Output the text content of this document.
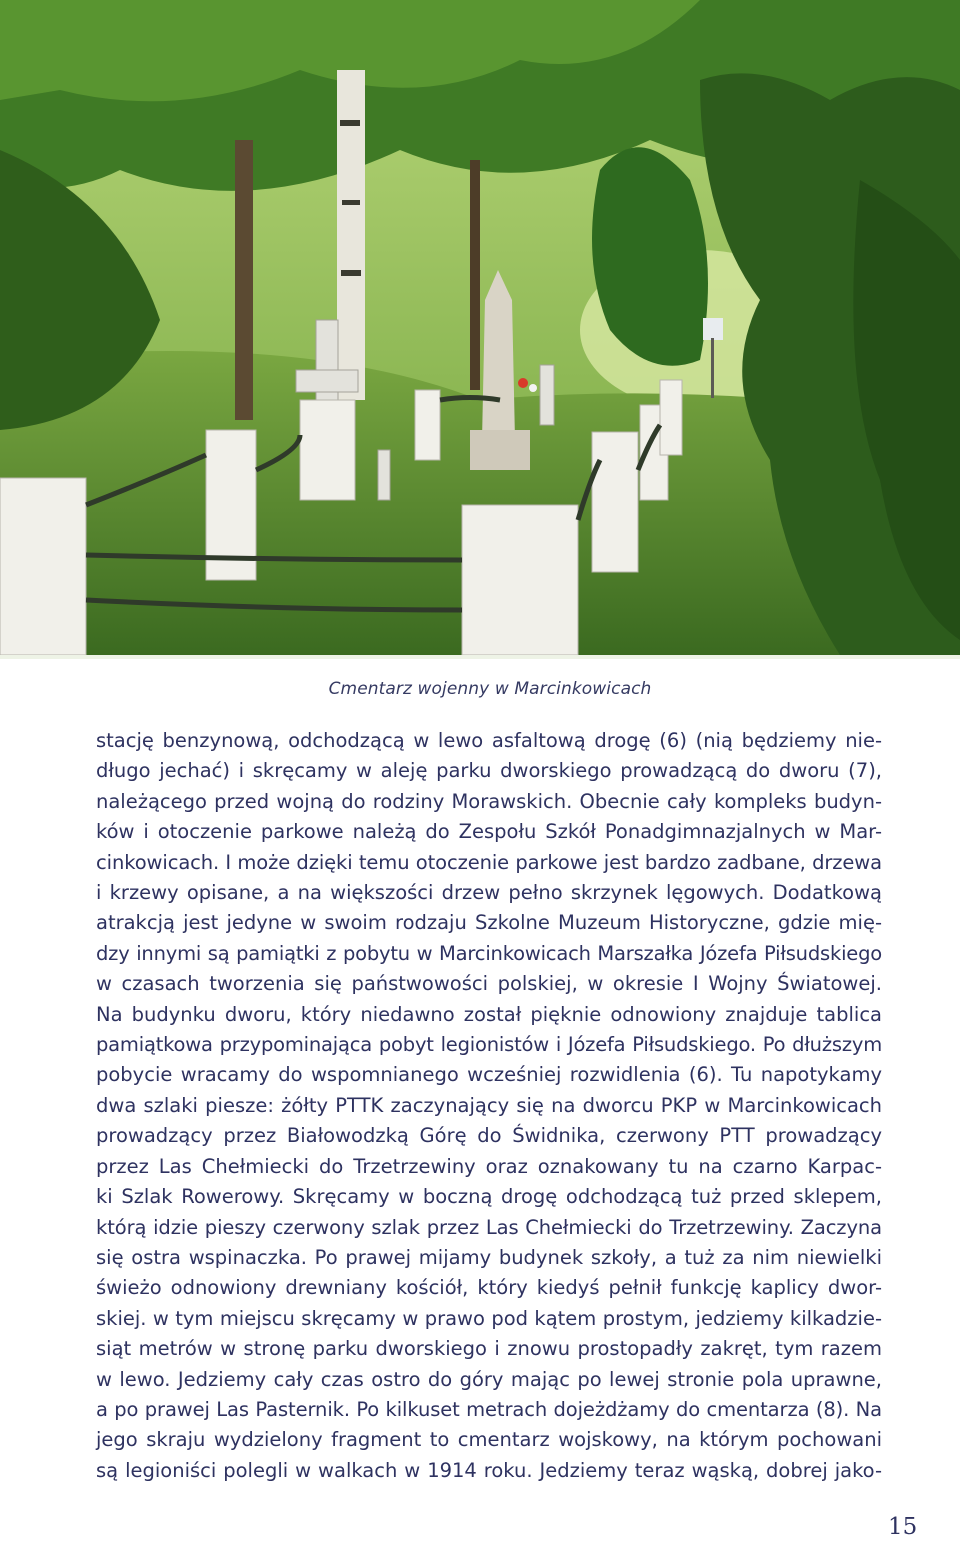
Cmentarz wojenny w Marcinkowicach
stację benzynową, odchodzącą w lewo asfaltową drogę (6) (nią będziemy nie-
długo jechać) i skręcamy w aleję parku dworskiego prowadzącą do dworu (7),
należącego przed wojną do rodziny Morawskich. Obecnie cały kompleks budyn-
ków i otoczenie parkowe należą do Zespołu Szkół Ponadgimnazjalnych w Mar-
cinkowicach. I może dzięki temu otoczenie parkowe jest bardzo zadbane, drzewa
i krzewy opisane, a na większości drzew pełno skrzynek lęgowych. Dodatkową
atrakcją jest jedyne w swoim rodzaju Szkolne Muzeum Historyczne, gdzie mię-
dzy innymi są pamiątki z pobytu w Marcinkowicach Marszałka Józefa Piłsudskiego
w czasach tworzenia się państwowości polskiej, w okresie I Wojny Światowej.
Na budynku dworu, który niedawno został pięknie odnowiony znajduje tablica
pamiątkowa przypominająca pobyt legionistów i Józefa Piłsudskiego. Po dłuższym
pobycie wracamy do wspomnianego wcześniej rozwidlenia (6). Tu napotykamy
dwa szlaki piesze: żółty PTTK zaczynający się na dworcu PKP w Marcinkowicach
prowadzący przez Białowodzką Górę do Świdnika, czerwony PTT prowadzący
przez Las Chełmiecki do Trzetrzewiny oraz oznakowany tu na czarno Karpac-
ki Szlak Rowerowy. Skręcamy w boczną drogę odchodzącą tuż przed sklepem,
którą idzie pieszy czerwony szlak przez Las Chełmiecki do Trzetrzewiny. Zaczyna
się ostra wspinaczka. Po prawej mijamy budynek szkoły, a tuż za nim niewielki
świeżo odnowiony drewniany kościół, który kiedyś pełnił funkcję kaplicy dwor-
skiej. w tym miejscu skręcamy w prawo pod kątem prostym, jedziemy kilkadzie-
siąt metrów w stronę parku dworskiego i znowu prostopadły zakręt, tym razem
w lewo. Jedziemy cały czas ostro do góry mając po lewej stronie pola uprawne,
a po prawej Las Pasternik. Po kilkuset metrach dojeżdżamy do cmentarza (8). Na
jego skraju wydzielony fragment to cmentarz wojskowy, na którym pochowani
są legioniści polegli w walkach w 1914 roku. Jedziemy teraz wąską, dobrej jako-
15
